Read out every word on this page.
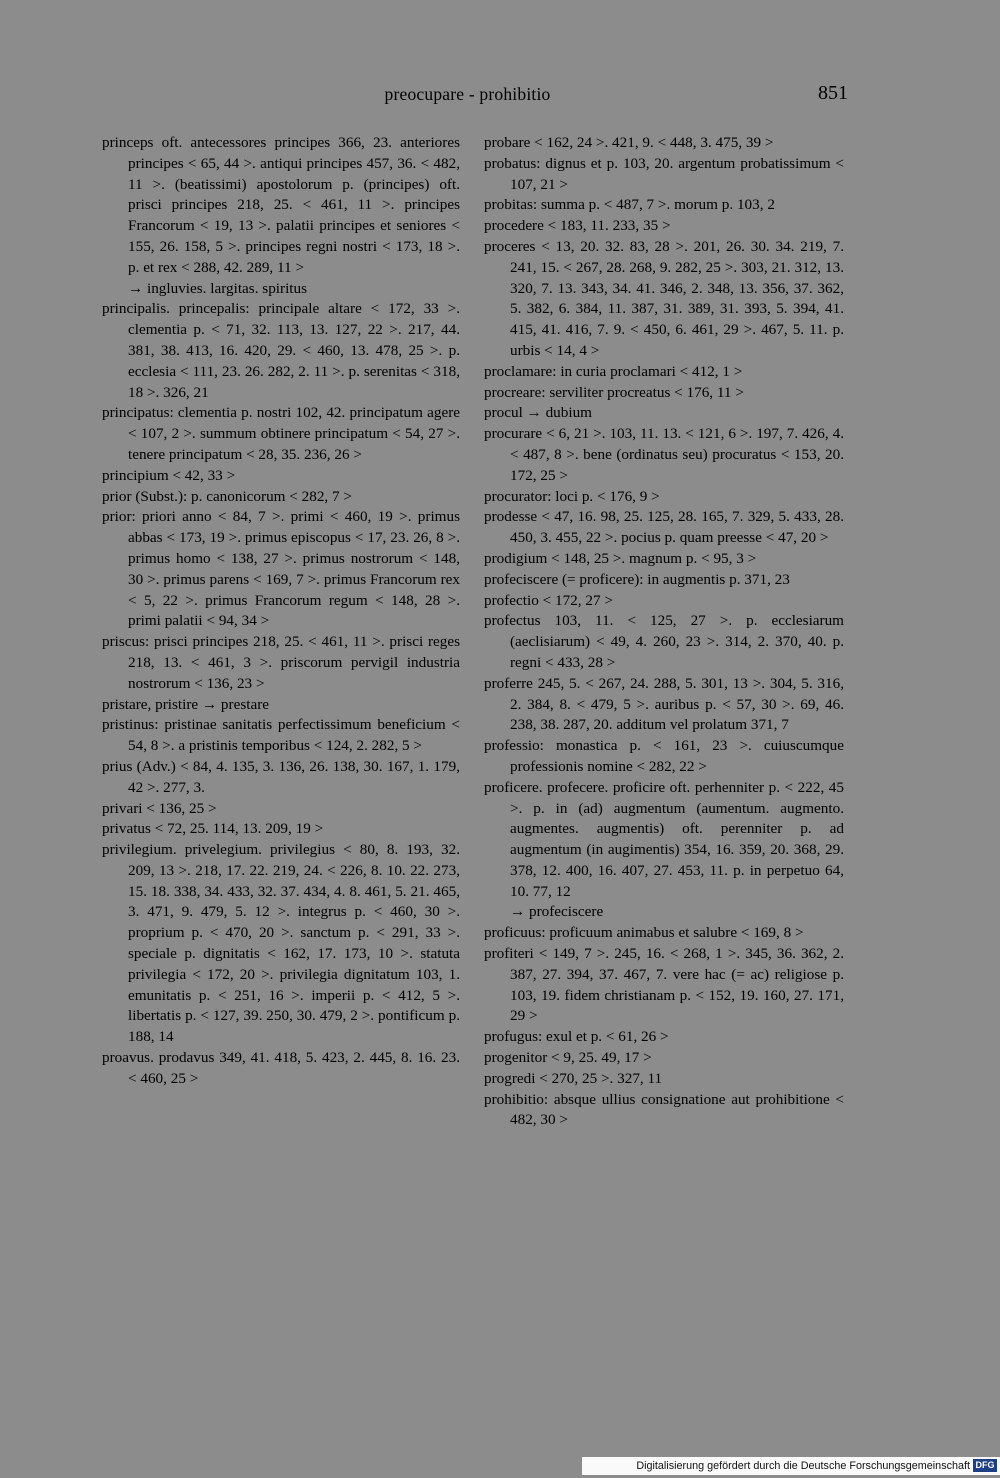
preocupare - prohibitio	851

princeps oft. antecessores principes 366, 23. anteriores principes < 65, 44 >. antiqui principes 457, 36. < 482, 11 >. (beatissimi) apostolorum p. (principes) oft. prisci principes 218, 25. < 461, 11 >. principes Francorum < 19, 13 >. palatii principes et seniores < 155, 26. 158, 5 >. principes regni nostri < 173, 18 >. p. et rex < 288, 42. 289, 11 >
→ ingluvies. largitas. spiritus

principalis. princepalis: principale altare < 172, 33 >. clementia p. < 71, 32. 113, 13. 127, 22 >. 217, 44. 381, 38. 413, 16. 420, 29. < 460, 13. 478, 25 >. p. ecclesia < 111, 23. 26. 282, 2. 11 >. p. serenitas < 318, 18 >. 326, 21

principatus: clementia p. nostri 102, 42. principatum agere < 107, 2 >. summum obtinere principatum < 54, 27 >. tenere principatum < 28, 35. 236, 26 >

principium < 42, 33 >

prior (Subst.): p. canonicorum < 282, 7 >

prior: priori anno < 84, 7 >. primi < 460, 19 >. primus abbas < 173, 19 >. primus episcopus < 17, 23. 26, 8 >. primus homo < 138, 27 >. primus nostrorum < 148, 30 >. primus parens < 169, 7 >. primus Francorum rex < 5, 22 >. primus Francorum regum < 148, 28 >. primi palatii < 94, 34 >

priscus: prisci principes 218, 25. < 461, 11 >. prisci reges 218, 13. < 461, 3 >. priscorum pervigil industria nostrorum < 136, 23 >

pristare, pristire → prestare

pristinus: pristinae sanitatis perfectissimum beneficium < 54, 8 >. a pristinis temporibus < 124, 2. 282, 5 >

prius (Adv.) < 84, 4. 135, 3. 136, 26. 138, 30. 167, 1. 179, 42 >. 277, 3.

privari < 136, 25 >

privatus < 72, 25. 114, 13. 209, 19 >

privilegium. privelegium. privilegius < 80, 8. 193, 32. 209, 13 >. 218, 17. 22. 219, 24. < 226, 8. 10. 22. 273, 15. 18. 338, 34. 433, 32. 37. 434, 4. 8. 461, 5. 21. 465, 3. 471, 9. 479, 5. 12 >. integrus p. < 460, 30 >. proprium p. < 470, 20 >. sanctum p. < 291, 33 >. speciale p. dignitatis < 162, 17. 173, 10 >. statuta privilegia < 172, 20 >. privilegia dignitatum 103, 1. emunitatis p. < 251, 16 >. imperii p. < 412, 5 >. libertatis p. < 127, 39. 250, 30. 479, 2 >. pontificum p. 188, 14

proavus. prodavus 349, 41. 418, 5. 423, 2. 445, 8. 16. 23. < 460, 25 >

probare < 162, 24 >. 421, 9. < 448, 3. 475, 39 >

probatus: dignus et p. 103, 20. argentum probatissimum < 107, 21 >

probitas: summa p. < 487, 7 >. morum p. 103, 2

procedere < 183, 11. 233, 35 >

proceres < 13, 20. 32. 83, 28 >. 201, 26. 30. 34. 219, 7. 241, 15. < 267, 28. 268, 9. 282, 25 >. 303, 21. 312, 13. 320, 7. 13. 343, 34. 41. 346, 2. 348, 13. 356, 37. 362, 5. 382, 6. 384, 11. 387, 31. 389, 31. 393, 5. 394, 41. 415, 41. 416, 7. 9. < 450, 6. 461, 29 >. 467, 5. 11. p. urbis < 14, 4 >

proclamare: in curia proclamari < 412, 1 >

procreare: serviliter procreatus < 176, 11 >

procul → dubium

procurare < 6, 21 >. 103, 11. 13. < 121, 6 >. 197, 7. 426, 4. < 487, 8 >. bene (ordinatus seu) procuratus < 153, 20. 172, 25 >

procurator: loci p. < 176, 9 >

prodesse < 47, 16. 98, 25. 125, 28. 165, 7. 329, 5. 433, 28. 450, 3. 455, 22 >. pocius p. quam preesse < 47, 20 >

prodigium < 148, 25 >. magnum p. < 95, 3 >

profeciscere (= proficere): in augmentis p. 371, 23

profectio < 172, 27 >

profectus 103, 11. < 125, 27 >. p. ecclesiarum (aeclisiarum) < 49, 4. 260, 23 >. 314, 2. 370, 40. p. regni < 433, 28 >

proferre 245, 5. < 267, 24. 288, 5. 301, 13 >. 304, 5. 316, 2. 384, 8. < 479, 5 >. auribus p. < 57, 30 >. 69, 46. 238, 38. 287, 20. additum vel prolatum 371, 7

professio: monastica p. < 161, 23 >. cuiuscumque professionis nomine < 282, 22 >

proficere. profecere. proficire oft. perhenniter p. < 222, 45 >. p. in (ad) augmentum (aumentum. augmento. augmentes. augmentis) oft. perenniter p. ad augmentum (in augimentis) 354, 16. 359, 20. 368, 29. 378, 12. 400, 16. 407, 27. 453, 11. p. in perpetuo 64, 10. 77, 12
→ profeciscere

proficuus: proficuum animabus et salubre < 169, 8 >

profiteri < 149, 7 >. 245, 16. < 268, 1 >. 345, 36. 362, 2. 387, 27. 394, 37. 467, 7. vere hac (= ac) religiose p. 103, 19. fidem christianam p. < 152, 19. 160, 27. 171, 29 >

profugus: exul et p. < 61, 26 >

progenitor < 9, 25. 49, 17 >

progredi < 270, 25 >. 327, 11

prohibitio: absque ullius consignatione aut prohibitione < 482, 30 >

Digitalisierung gefördert durch die Deutsche Forschungsgemeinschaft DFG
